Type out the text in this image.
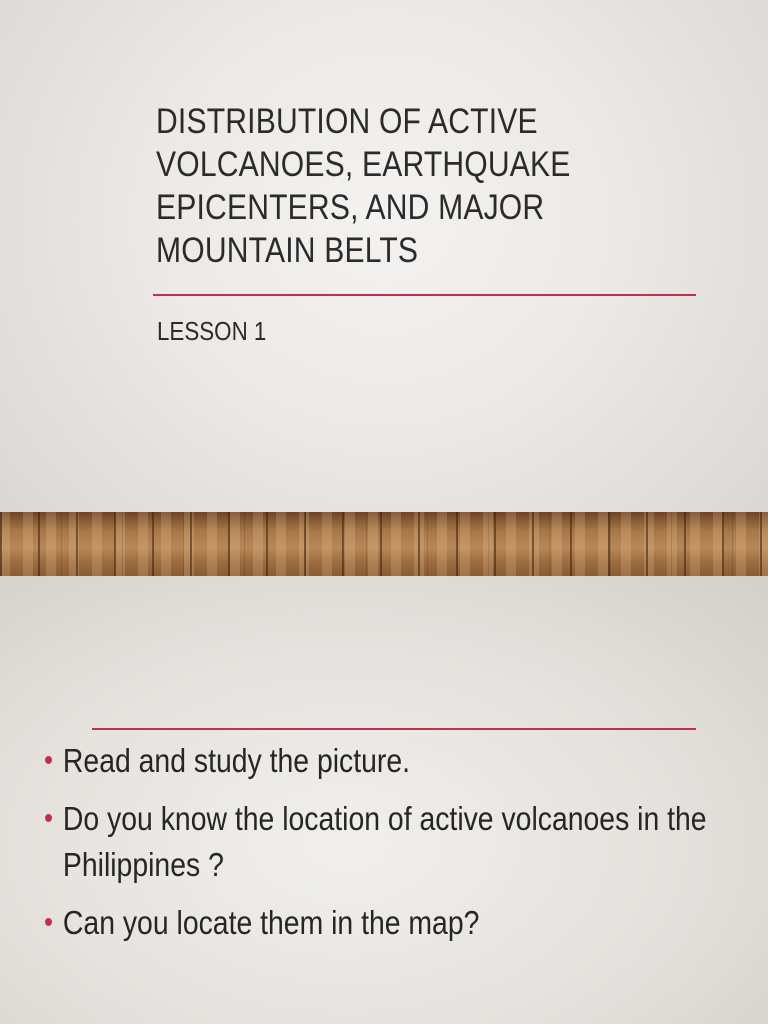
DISTRIBUTION OF ACTIVE
VOLCANOES, EARTHQUAKE
EPICENTERS, AND MAJOR
MOUNTAIN BELTS
LESSON 1
• Read and study the picture.
• Do you know the location of active volcanoes in the
Philippines ?
• Can you locate them in the map?
